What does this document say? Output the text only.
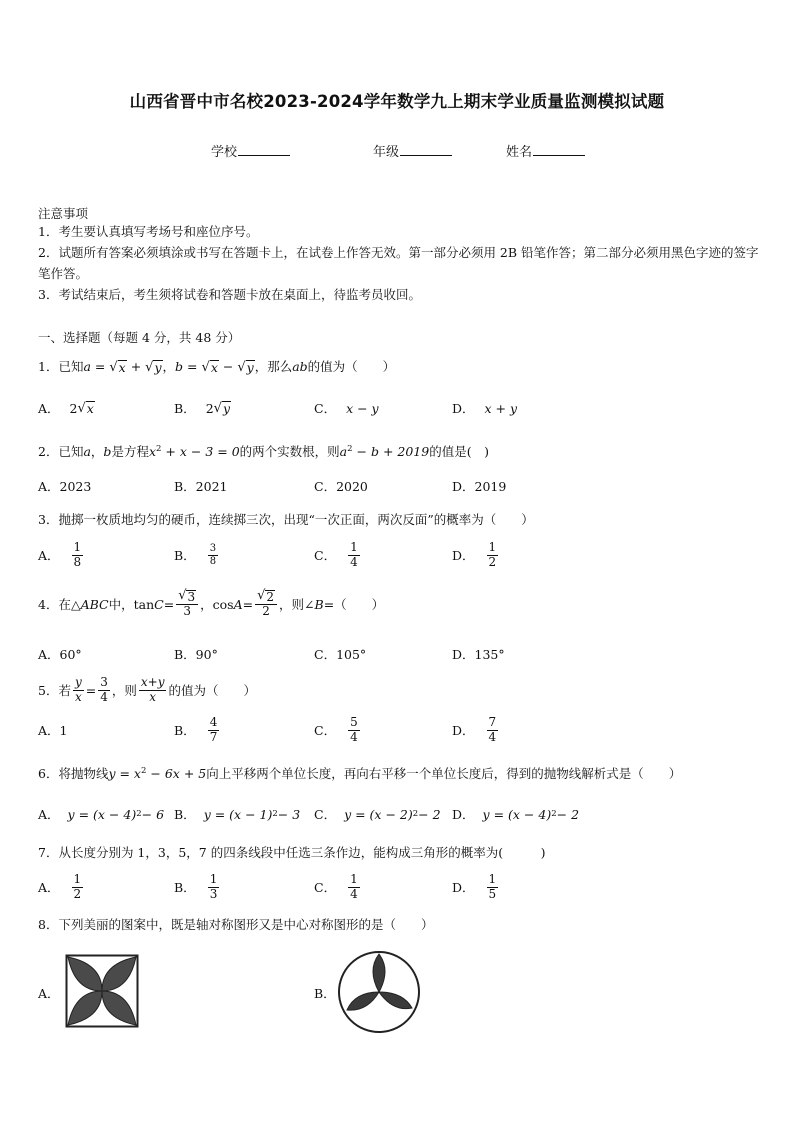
山西省晋中市名校2023-2024学年数学九上期末学业质量监测模拟试题
学校	年级	姓名
注意事项
1．考生要认真填写考场号和座位序号。
2．试题所有答案必须填涂或书写在答题卡上，在试卷上作答无效。第一部分必须用 2B 铅笔作答；第二部分必须用黑色字迹的签字笔作答。
3．考试结束后，考生须将试卷和答题卡放在桌面上，待监考员收回。
一、选择题（每题 4 分，共 48 分）
1．已知a = √ x + √ y ，b = √ x − √ y ，那么ab的值为（　　）
A． 2 √ x	B． 2 √ y	C． x − y	D． x + y
2．已知a，b是方程$x^2 + x - 3 = 0$的两个实数根，则$a^2 - b + 2019$的值是(　)
A．2023	B．2021	C．2020	D．2019
3．抛掷一枚质地均匀的硬币，连续掷三次，出现“一次正面，两次反面”的概率为（　　）
A． $\frac{1}{8}$	B． $\frac{3}{8}$	C． $\frac{1}{4}$	D． $\frac{1}{2}$
4．在△ ABC 中，$\tan C = \frac{√ 3}{3}$ ，$\cos A = \frac{√ 2}{2}$ ，则∠ B =（　　）
A．60°	B．90°	C．105°	D．135°
5．若 $\frac{y}{x} = \frac{3}{4}$ ，则 $\frac{x+y}{x}$ 的值为（　　）
A．1	B． $\frac{4}{7}$	C． $\frac{5}{4}$	D． $\frac{7}{4}$
6．将抛物线$y = x^2 - 6x + 5$向上平移两个单位长度，再向右平移一个单位长度后，得到的抛物线解析式是（　　）
A． y = (x − 4) 2 − 6 B． y = (x − 1) 2 − 3 C． y = (x − 2) 2 − 2 D． y = (x − 4) 2 − 2
7．从长度分别为 1，3，5，7 的四条线段中任选三条作边，能构成三角形的概率为(　　　)
A． $\frac{1}{2}$	B． $\frac{1}{3}$	C． $\frac{1}{4}$	D． $\frac{1}{5}$
8．下列美丽的图案中，既是轴对称图形又是中心对称图形的是（　　）
A．	B．
